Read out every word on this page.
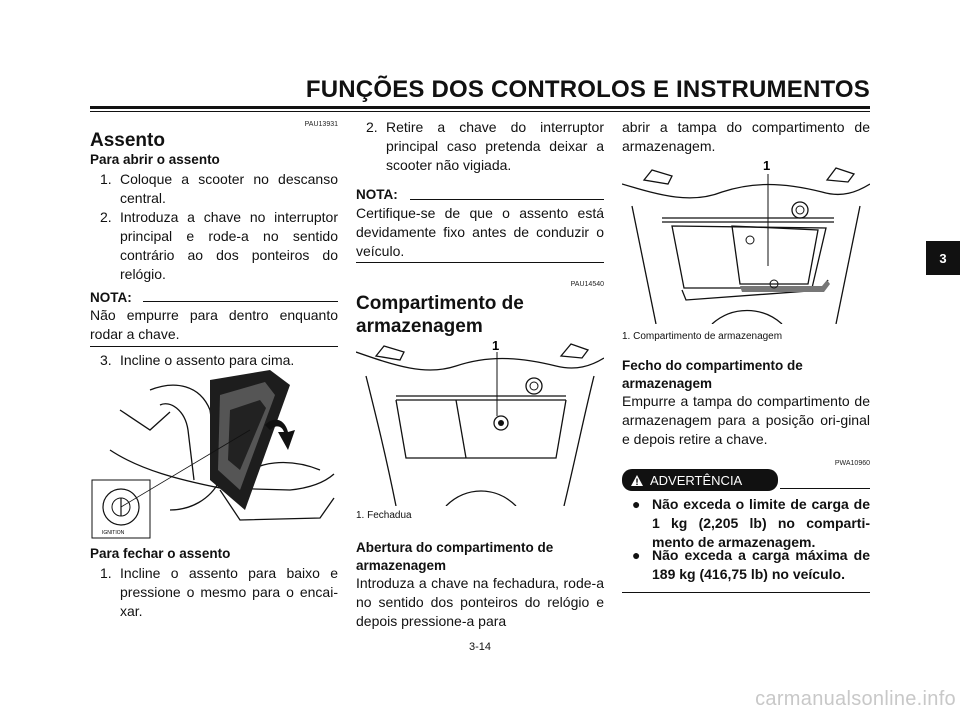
FUNÇÕES DOS CONTROLOS E INSTRUMENTOS
3
PAU13931
Assento
Para abrir o assento
1. Coloque a scooter no descanso central.
2. Introduza a chave no interruptor principal e rode-a no sentido contrário ao dos ponteiros do relógio.
NOTA:
Não empurre para dentro enquanto rodar a chave.
3. Incline o assento para cima.
IGNITION
Para fechar o assento
1. Incline o assento para baixo e pressione o mesmo para o encai-xar.
2. Retire a chave do interruptor principal caso pretenda deixar a scooter não vigiada.
NOTA:
Certifique-se de que o assento está devidamente fixo antes de conduzir o veículo.
PAU14540
Compartimento de armazenagem
1
1. Fechadua
Abertura do compartimento de armazenagem
Introduza a chave na fechadura, rode-a no sentido dos ponteiros do relógio e depois pressione-a para
abrir a tampa do compartimento de armazenagem.
1
1. Compartimento de armazenagem
Fecho do compartimento de armazenagem
Empurre a tampa do compartimento de armazenagem para a posição ori-ginal e depois retire a chave.
PWA10960
ADVERTÊNCIA
● Não exceda o limite de carga de 1 kg (2,205 lb) no comparti-mento de armazenagem.
● Não exceda a carga máxima de 189 kg (416,75 lb) no veículo.
3-14
carmanualsonline.info
